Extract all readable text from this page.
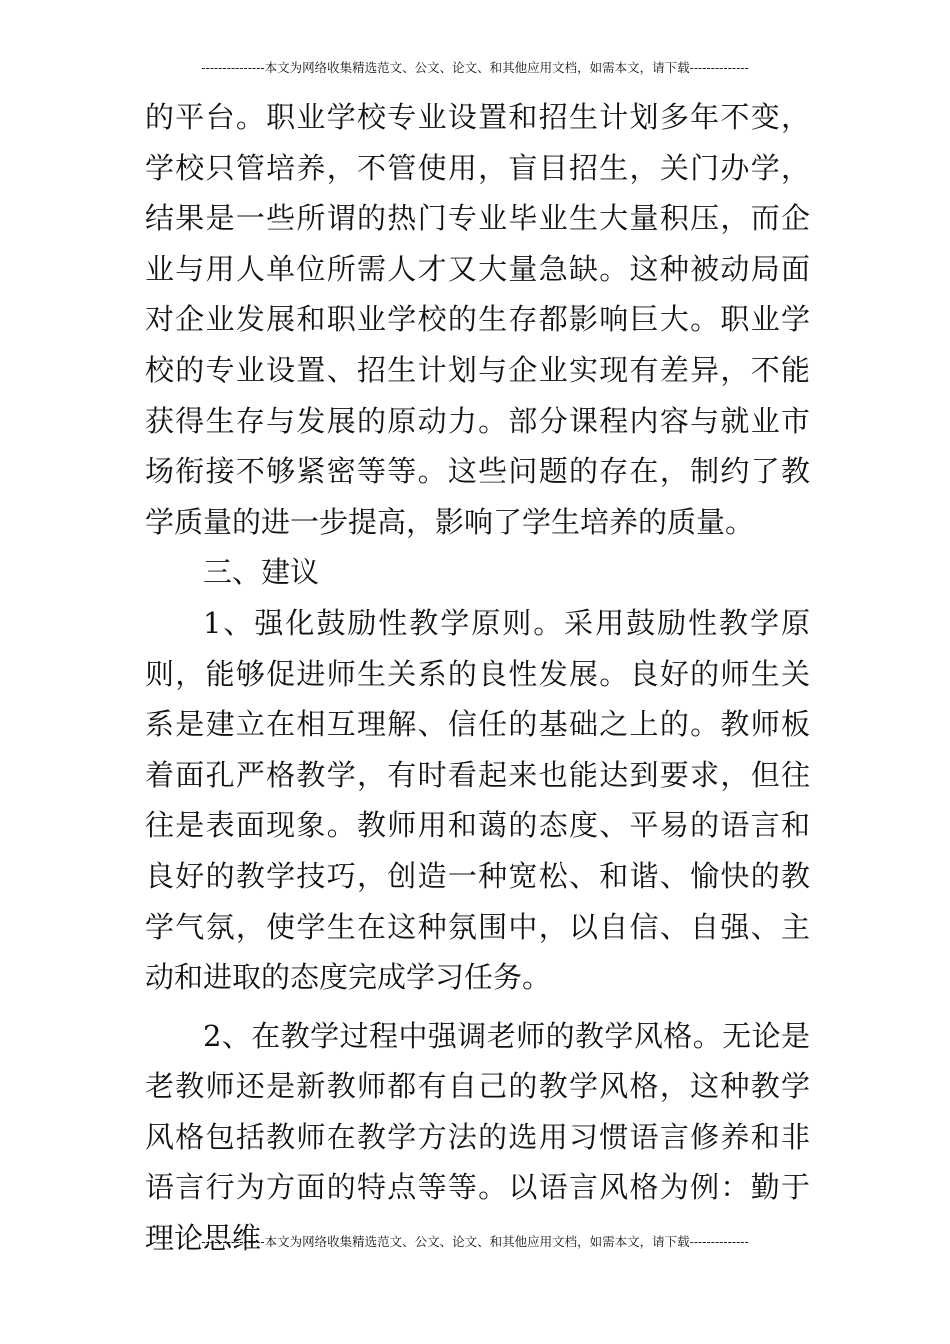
---------------本文为网络收集精选范文、公文、论文、和其他应用文档，如需本文，请下载--------------

的平台。职业学校专业设置和招生计划多年不变，学校只管培养，不管使用，盲目招生，关门办学，结果是一些所谓的热门专业毕业生大量积压，而企业与用人单位所需人才又大量急缺。这种被动局面对企业发展和职业学校的生存都影响巨大。职业学校的专业设置、招生计划与企业实现有差异，不能获得生存与发展的原动力。部分课程内容与就业市场衔接不够紧密等等。这些问题的存在，制约了教学质量的进一步提高，影响了学生培养的质量。

三、建议

1、强化鼓励性教学原则。采用鼓励性教学原则，能够促进师生关系的良性发展。良好的师生关系是建立在相互理解、信任的基础之上的。教师板着面孔严格教学，有时看起来也能达到要求，但往往是表面现象。教师用和蔼的态度、平易的语言和良好的教学技巧，创造一种宽松、和谐、愉快的教学气氛，使学生在这种氛围中，以自信、自强、主动和进取的态度完成学习任务。

2、在教学过程中强调老师的教学风格。无论是老教师还是新教师都有自己的教学风格，这种教学风格包括教师在教学方法的选用习惯语言修养和非语言行为方面的特点等等。以语言风格为例：勤于理论思维

---------------本文为网络收集精选范文、公文、论文、和其他应用文档，如需本文，请下载--------------
